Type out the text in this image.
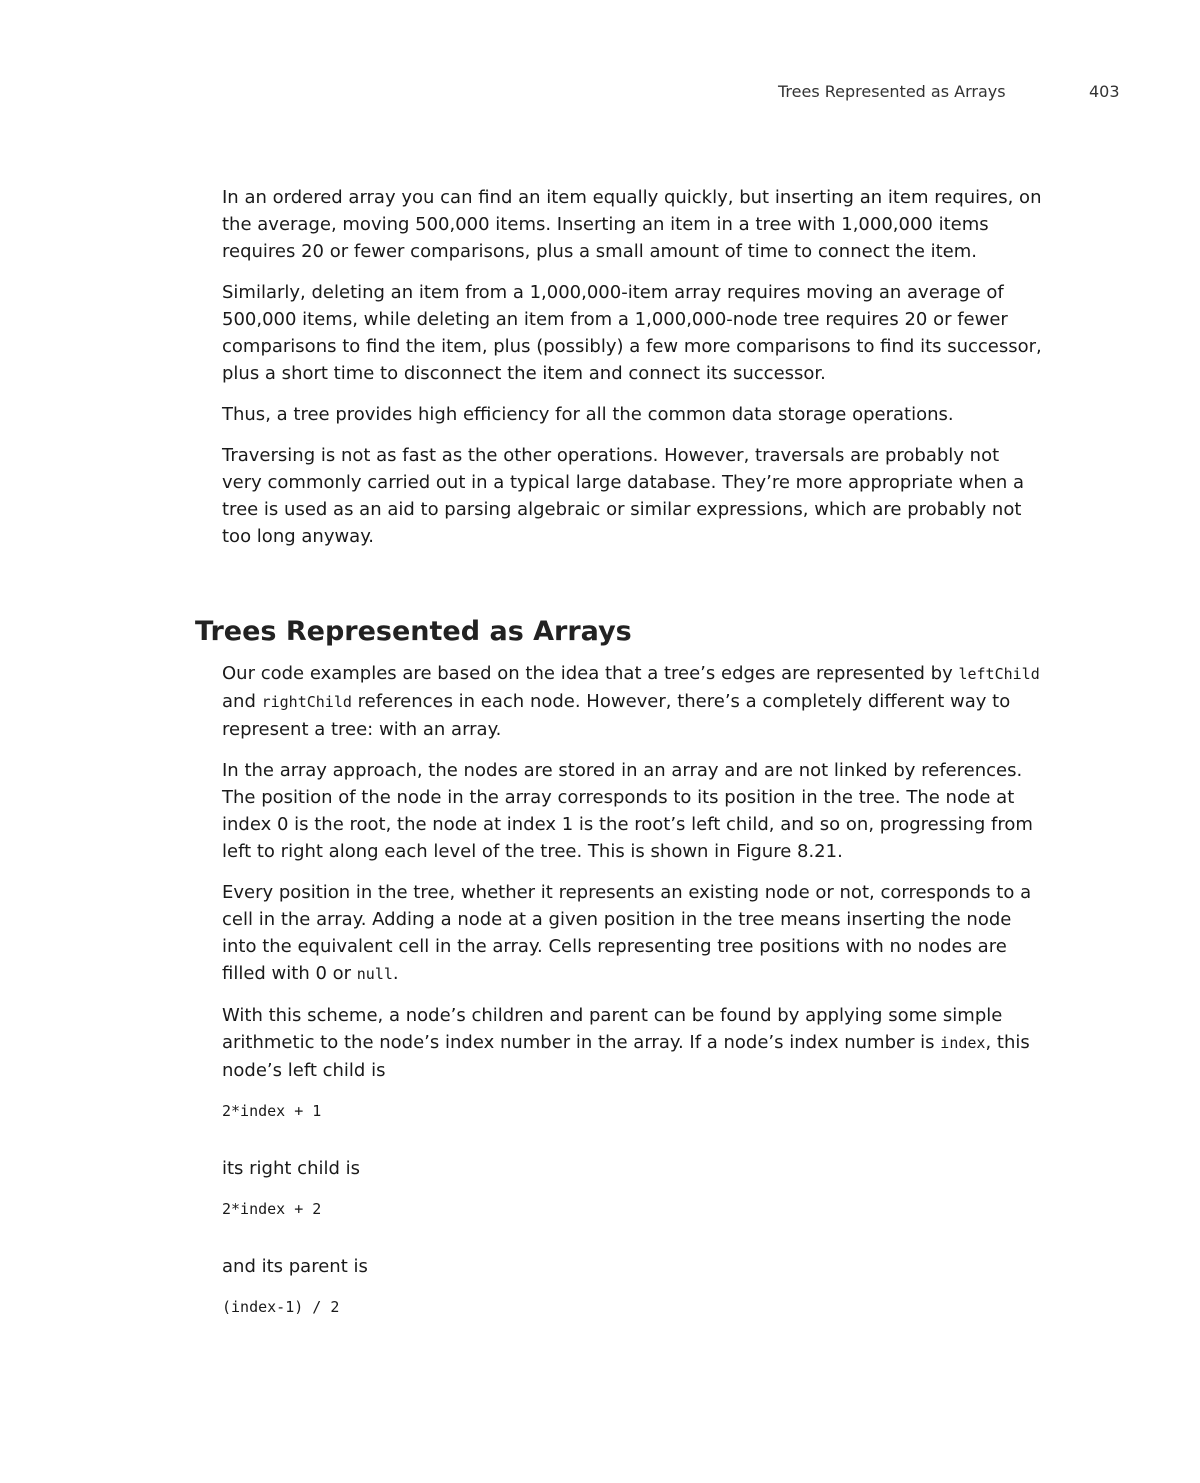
Trees Represented as Arrays	403

In an ordered array you can find an item equally quickly, but inserting an item requires, on the average, moving 500,000 items. Inserting an item in a tree with 1,000,000 items requires 20 or fewer comparisons, plus a small amount of time to connect the item.

Similarly, deleting an item from a 1,000,000-item array requires moving an average of 500,000 items, while deleting an item from a 1,000,000-node tree requires 20 or fewer comparisons to find the item, plus (possibly) a few more comparisons to find its successor, plus a short time to disconnect the item and connect its successor.

Thus, a tree provides high efficiency for all the common data storage operations.

Traversing is not as fast as the other operations. However, traversals are probably not very commonly carried out in a typical large database. They’re more appropriate when a tree is used as an aid to parsing algebraic or similar expressions, which are probably not too long anyway.

Trees Represented as Arrays

Our code examples are based on the idea that a tree’s edges are represented by leftChild and rightChild references in each node. However, there’s a completely different way to represent a tree: with an array.

In the array approach, the nodes are stored in an array and are not linked by references. The position of the node in the array corresponds to its position in the tree. The node at index 0 is the root, the node at index 1 is the root’s left child, and so on, progressing from left to right along each level of the tree. This is shown in Figure 8.21.

Every position in the tree, whether it represents an existing node or not, corresponds to a cell in the array. Adding a node at a given position in the tree means inserting the node into the equivalent cell in the array. Cells representing tree positions with no nodes are filled with 0 or null.

With this scheme, a node’s children and parent can be found by applying some simple arithmetic to the node’s index number in the array. If a node’s index number is index, this node’s left child is

2*index + 1

its right child is

2*index + 2

and its parent is

(index-1) / 2
